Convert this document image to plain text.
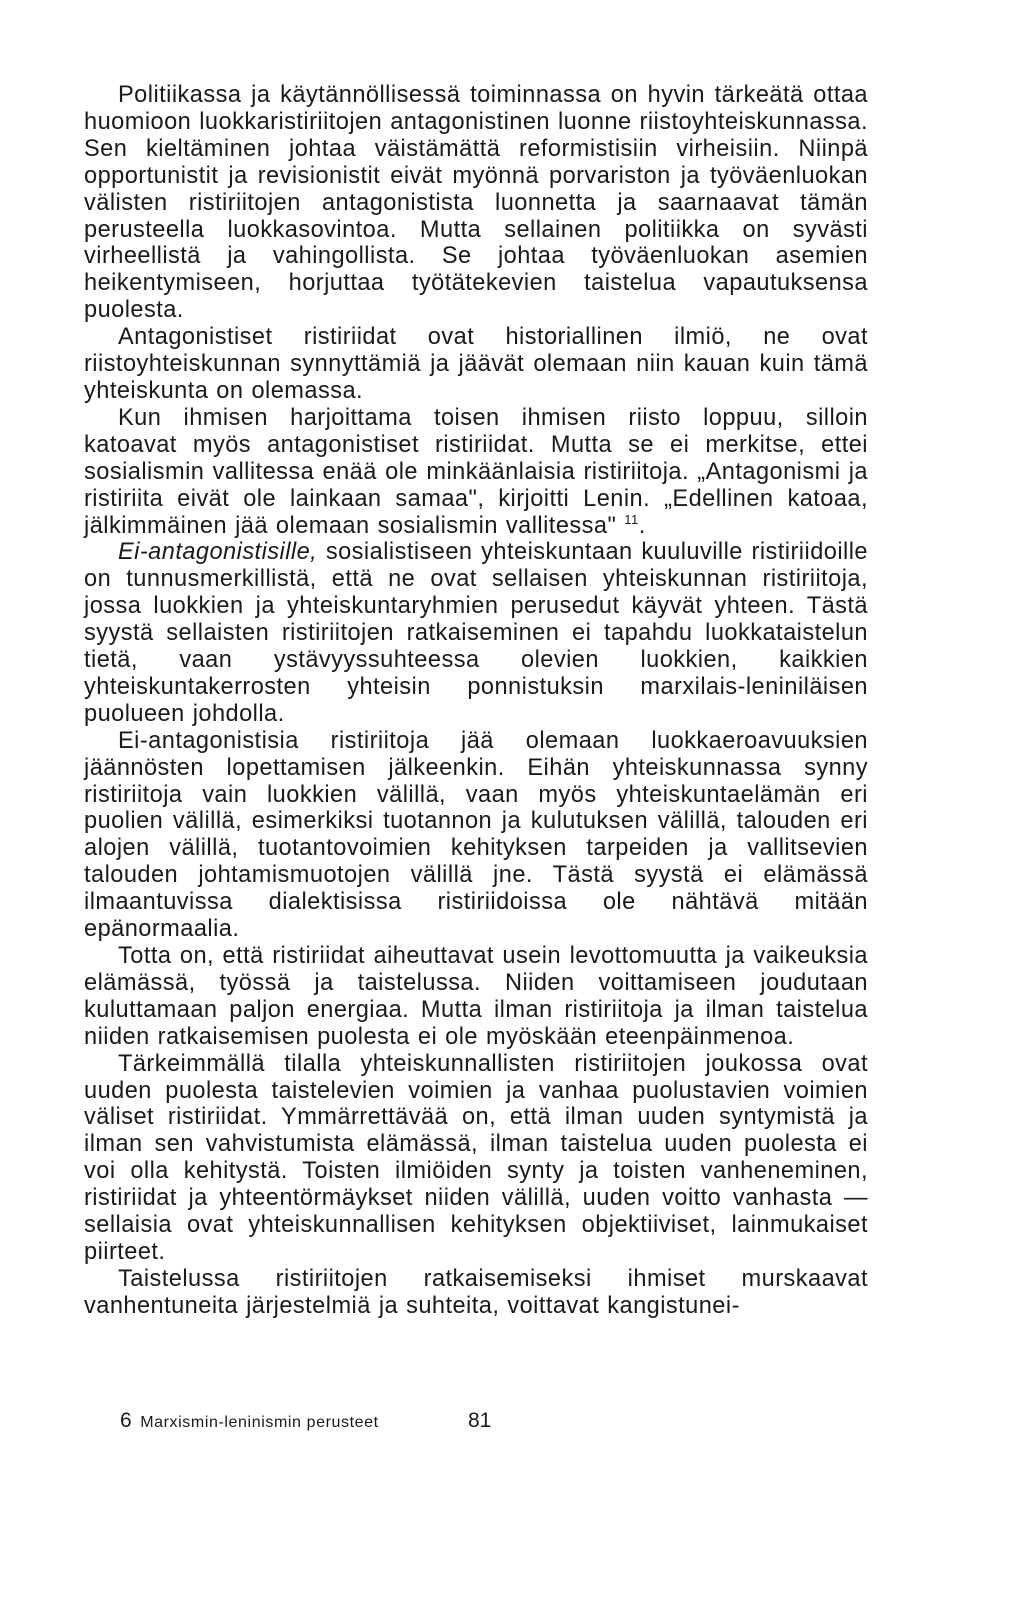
Politiikassa ja käytännöllisessä toiminnassa on hyvin tärkeätä ottaa huomioon luokkaristiriitojen antagonistinen luonne riistoyhteiskunnassa. Sen kieltäminen johtaa väistämättä reformistisiin virheisiin. Niinpä opportunistit ja revisionistit eivät myönnä porvariston ja työväenluokan välisten ristiriitojen antagonistista luonnetta ja saarnaavat tämän perusteella luokkasovintoa. Mutta sellainen politiikka on syvästi virheellistä ja vahingollista. Se johtaa työväenluokan asemien heikentymiseen, horjuttaa työtätekevien taistelua vapautuksensa puolesta.

Antagonistiset ristiriidat ovat historiallinen ilmiö, ne ovat riistoyhteiskunnan synnyttämiä ja jäävät olemaan niin kauan kuin tämä yhteiskunta on olemassa.

Kun ihmisen harjoittama toisen ihmisen riisto loppuu, silloin katoavat myös antagonistiset ristiriidat. Mutta se ei merkitse, ettei sosialismin vallitessa enää ole minkäänlaisia ristiriitoja. „Antagonismi ja ristiriita eivät ole lainkaan samaa", kirjoitti Lenin. „Edellinen katoaa, jälkimmäinen jää olemaan sosialismin vallitessa" $^{11}$.

Ei-antagonistisille, sosialistiseen yhteiskuntaan kuuluville ristiriidoille on tunnusmerkillistä, että ne ovat sellaisen yhteiskunnan ristiriitoja, jossa luokkien ja yhteiskuntaryhmien perusedut käyvät yhteen. Tästä syystä sellaisten ristiriitojen ratkaiseminen ei tapahdu luokkataistelun tietä, vaan ystävyyssuhteessa olevien luokkien, kaikkien yhteiskuntakerrosten yhteisin ponnistuksin marxilais-leniniläisen puolueen johdolla.

Ei-antagonistisia ristiriitoja jää olemaan luokkaeroavuuksien jäännösten lopettamisen jälkeenkin. Eihän yhteiskunnassa synny ristiriitoja vain luokkien välillä, vaan myös yhteiskuntaelämän eri puolien välillä, esimerkiksi tuotannon ja kulutuksen välillä, talouden eri alojen välillä, tuotantovoimien kehityksen tarpeiden ja vallitsevien talouden johtamismuotojen välillä jne. Tästä syystä ei elämässä ilmaantuvissa dialektisissa ristiriidoissa ole nähtävä mitään epänormaalia.

Totta on, että ristiriidat aiheuttavat usein levottomuutta ja vaikeuksia elämässä, työssä ja taistelussa. Niiden voittamiseen joudutaan kuluttamaan paljon energiaa. Mutta ilman ristiriitoja ja ilman taistelua niiden ratkaisemisen puolesta ei ole myöskään eteenpäinmenoa.

Tärkeimmällä tilalla yhteiskunnallisten ristiriitojen joukossa ovat uuden puolesta taistelevien voimien ja vanhaa puolustavien voimien väliset ristiriidat. Ymmärrettävää on, että ilman uuden syntymistä ja ilman sen vahvistumista elämässä, ilman taistelua uuden puolesta ei voi olla kehitystä. Toisten ilmiöiden synty ja toisten vanheneminen, ristiriidat ja yhteentörmäykset niiden välillä, uuden voitto vanhasta — sellaisia ovat yhteiskunnallisen kehityksen objektiiviset, lainmukaiset piirteet.

Taistelussa ristiriitojen ratkaisemiseksi ihmiset murskaavat vanhentuneita järjestelmiä ja suhteita, voittavat kangistunei-

6 Marxismin-leninismin perusteet	81
